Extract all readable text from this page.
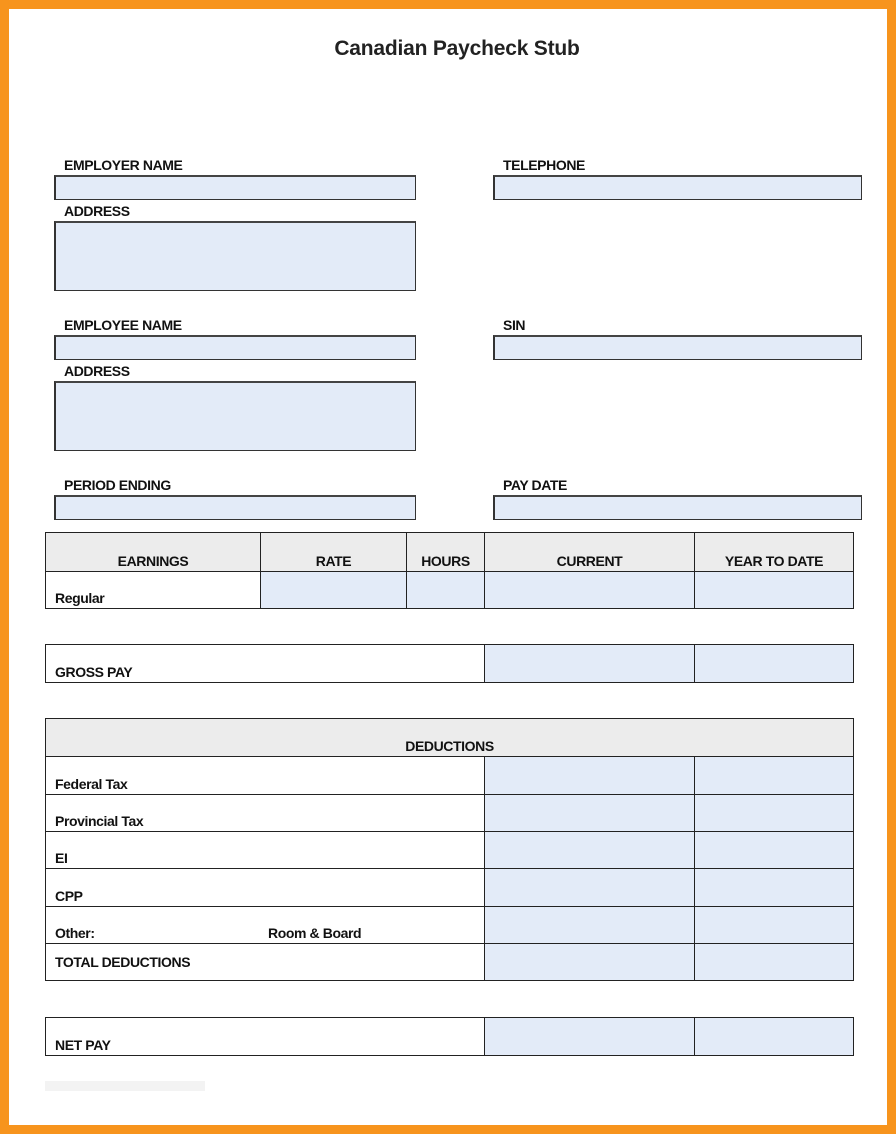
Canadian Paycheck Stub
EMPLOYER NAME	TELEPHONE
ADDRESS
EMPLOYEE NAME	SIN
ADDRESS
PERIOD ENDING	PAY DATE
EARNINGS	RATE	HOURS	CURRENT	YEAR TO DATE
Regular				
GROSS PAY		
DEDUCTIONS		
Federal Tax		
Provincial Tax		
EI		
CPP		
Other: Room & Board		

TOTAL DEDUCTIONS		
NET PAY		
